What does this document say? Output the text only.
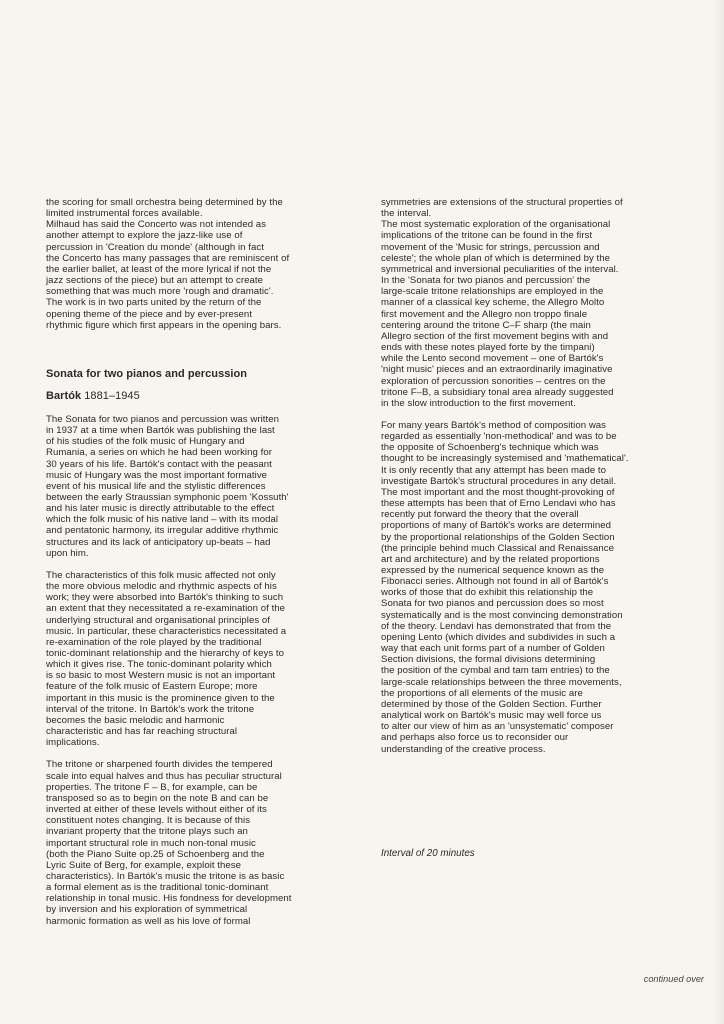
the scoring for small orchestra being determined by the
limited instrumental forces available.
Milhaud has said the Concerto was not intended as
another attempt to explore the jazz-like use of
percussion in 'Creation du monde' (although in fact
the Concerto has many passages that are reminiscent of
the earlier ballet, at least of the more lyrical if not the
jazz sections of the piece) but an attempt to create
something that was much more 'rough and dramatic'.
The work is in two parts united by the return of the
opening theme of the piece and by ever-present
rhythmic figure which first appears in the opening bars.

Sonata for two pianos and percussion

Bartók 1881–1945

The Sonata for two pianos and percussion was written
in 1937 at a time when Bartók was publishing the last
of his studies of the folk music of Hungary and
Rumania, a series on which he had been working for
30 years of his life. Bartók's contact with the peasant
music of Hungary was the most important formative
event of his musical life and the stylistic differences
between the early Straussian symphonic poem 'Kossuth'
and his later music is directly attributable to the effect
which the folk music of his native land – with its modal
and pentatonic harmony, its irregular additive rhythmic
structures and its lack of anticipatory up-beats – had
upon him.

The characteristics of this folk music affected not only
the more obvious melodic and rhythmic aspects of his
work; they were absorbed into Bartók's thinking to such
an extent that they necessitated a re-examination of the
underlying structural and organisational principles of
music. In particular, these characteristics necessitated a
re-examination of the role played by the traditional
tonic-dominant relationship and the hierarchy of keys to
which it gives rise. The tonic-dominant polarity which
is so basic to most Western music is not an important
feature of the folk music of Eastern Europe; more
important in this music is the prominence given to the
interval of the tritone. In Bartók's work the tritone
becomes the basic melodic and harmonic
characteristic and has far reaching structural
implications.

The tritone or sharpened fourth divides the tempered
scale into equal halves and thus has peculiar structural
properties. The tritone F – B, for example, can be
transposed so as to begin on the note B and can be
inverted at either of these levels without either of its
constituent notes changing. It is because of this
invariant property that the tritone plays such an
important structural role in much non-tonal music
(both the Piano Suite op.25 of Schoenberg and the
Lyric Suite of Berg, for example, exploit these
characteristics). In Bartók's music the tritone is as basic
a formal element as is the traditional tonic-dominant
relationship in tonal music. His fondness for development
by inversion and his exploration of symmetrical
harmonic formation as well as his love of formal

symmetries are extensions of the structural properties of
the interval.
The most systematic exploration of the organisational
implications of the tritone can be found in the first
movement of the 'Music for strings, percussion and
celeste'; the whole plan of which is determined by the
symmetrical and inversional peculiarities of the interval.
In the 'Sonata for two pianos and percussion' the
large-scale tritone relationships are employed in the
manner of a classical key scheme, the Allegro Molto
first movement and the Allegro non troppo finale
centering around the tritone C–F sharp (the main
Allegro section of the first movement begins with and
ends with these notes played forte by the timpani)
while the Lento second movement – one of Bartók's
'night music' pieces and an extraordinarily imaginative
exploration of percussion sonorities – centres on the
tritone F–B, a subsidiary tonal area already suggested
in the slow introduction to the first movement.

For many years Bartók's method of composition was
regarded as essentially 'non-methodical' and was to be
the opposite of Schoenberg's technique which was
thought to be increasingly systemised and 'mathematical'.
It is only recently that any attempt has been made to
investigate Bartók's structural procedures in any detail.
The most important and the most thought-provoking of
these attempts has been that of Erno Lendavi who has
recently put forward the theory that the overall
proportions of many of Bartók's works are determined
by the proportional relationships of the Golden Section
(the principle behind much Classical and Renaissance
art and architecture) and by the related proportions
expressed by the numerical sequence known as the
Fibonacci series. Although not found in all of Bartók's
works of those that do exhibit this relationship the
Sonata for two pianos and percussion does so most
systematically and is the most convincing demonstration
of the theory. Lendavi has demonstrated that from the
opening Lento (which divides and subdivides in such a
way that each unit forms part of a number of Golden
Section divisions, the formal divisions determining
the position of the cymbal and tam tam entries) to the
large-scale relationships between the three movements,
the proportions of all elements of the music are
determined by those of the Golden Section. Further
analytical work on Bartók's music may well force us
to alter our view of him as an 'unsystematic' composer
and perhaps also force us to reconsider our
understanding of the creative process.

Interval of 20 minutes
continued over
